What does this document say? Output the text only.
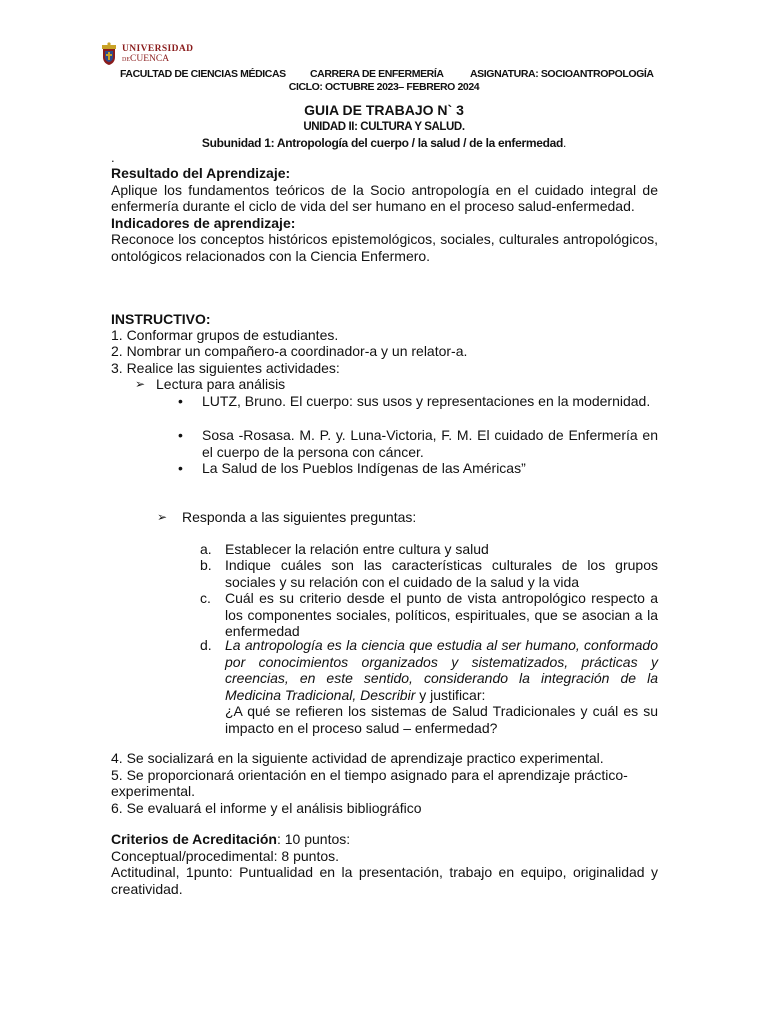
UNIVERSIDAD
DECUENCA
FACULTAD DE CIENCIAS MÉDICAS CARRERA DE ENFERMERÍA	ASIGNATURA: SOCIOANTROPOLOGÍA
CICLO: OCTUBRE 2023– FEBRERO 2024
GUIA DE TRABAJO N` 3
UNIDAD II: CULTURA Y SALUD.
Subunidad 1: Antropología del cuerpo / la salud / de la enfermedad.
.
Resultado del Aprendizaje:
Aplique los fundamentos teóricos de la Socio antropología en el cuidado integral de enfermería durante el ciclo de vida del ser humano en el proceso salud-enfermedad.
Indicadores de aprendizaje:
Reconoce los conceptos históricos epistemológicos, sociales, culturales antropológicos, ontológicos relacionados con la Ciencia Enfermero.
INSTRUCTIVO:
1. Conformar grupos de estudiantes.
2. Nombrar un compañero-a coordinador-a y un relator-a.
3. Realice las siguientes actividades:
➢ Lectura para análisis
• LUTZ, Bruno. El cuerpo: sus usos y representaciones en la modernidad.
• Sosa -Rosasa. M. P. y. Luna-Victoria, F. M. El cuidado de Enfermería en el cuerpo de la persona con cáncer.
• La Salud de los Pueblos Indígenas de las Américas”
➢ Responda a las siguientes preguntas:
a. Establecer la relación entre cultura y salud
b. Indique cuáles son las características culturales de los grupos sociales y su relación con el cuidado de la salud y la vida
c. Cuál es su criterio desde el punto de vista antropológico respecto a los componentes sociales, políticos, espirituales, que se asocian a la enfermedad
d. La antropología es la ciencia que estudia al ser humano, conformado por conocimientos organizados y sistematizados, prácticas y creencias, en este sentido, considerando la integración de la Medicina Tradicional, Describir y justificar:
¿A qué se refieren los sistemas de Salud Tradicionales y cuál es su impacto en el proceso salud – enfermedad?
4. Se socializará en la siguiente actividad de aprendizaje practico experimental.
5. Se proporcionará orientación en el tiempo asignado para el aprendizaje práctico-experimental.
6. Se evaluará el informe y el análisis bibliográfico
Criterios de Acreditación: 10 puntos:
Conceptual/procedimental: 8 puntos.
Actitudinal, 1punto: Puntualidad en la presentación, trabajo en equipo, originalidad y creatividad.
